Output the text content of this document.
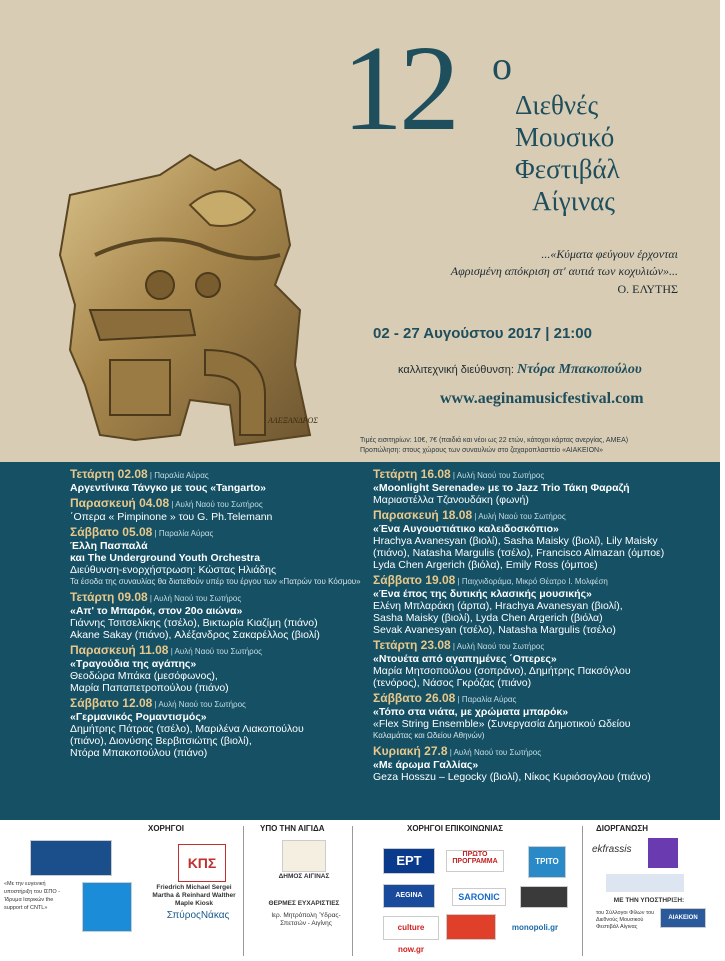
ΑΛΕΞΑΝΔΡΟΣ
12 o
Διεθνές
Μουσικό
Φεστιβάλ
Αίγινας
...«Κύματα φεύγουν έρχονται
Αφρισμένη απόκριση στ' αυτιά των κοχυλιών»...
Ο. ΕΛΥΤΗΣ
02 - 27 Αυγούστου 2017 | 21:00
καλλιτεχνική διεύθυνση: Ντόρα Μπακοπούλου
www.aeginamusicfestival.com
Τιμές εισιτηρίων: 10€, 7€ (παιδιά και νέοι ως 22 ετών, κάτοχοι κάρτας ανεργίας, ΑΜΕΑ)
Προπώληση: στους χώρους των συναυλιών στο ζαχαροπλαστείο «ΑΙΑΚΕΙΟΝ»
Τετάρτη 02.08 | Παραλία Αύρας
Αργεντίνικα Τάνγκο με τους «Tangarto»
Παρασκευή 04.08 | Αυλή Ναού του Σωτήρος
΄Οπερα « Pimpinone » του G. Ph.Telemann
Σάββατο 05.08 | Παραλία Αύρας
Έλλη Πασπαλά
και The Underground Youth Orchestra
Διεύθυνση-ενορχήστρωση: Κώστας Ηλιάδης
Τα έσοδα της συναυλίας θα διατεθούν υπέρ του έργου των «Πατρών του Κόσμου»
Τετάρτη 09.08 | Αυλή Ναού του Σωτήρος
«Απ' το Μπαρόκ, στον 20ο αιώνα»
Γιάννης Τσιτσελίκης (τσέλο), Βικτωρία Κιαζίμη (πιάνο)
Akane Sakay (πιάνο), Αλέξανδρος Σακαρέλλος (βιολί)
Παρασκευή 11.08 | Αυλή Ναού του Σωτήρος
«Τραγούδια της αγάπης»
Θεοδώρα Μπάκα (μεσόφωνος),
Μαρία Παπαπετροπούλου (πιάνο)
Σάββατο 12.08 | Αυλή Ναού του Σωτήρος
«Γερμανικός Ρομαντισμός»
Δημήτρης Πάτρας (τσέλο), Μαριλένα Λιακοπούλου
(πιάνο), Διονύσης Βερβιτσιώτης (βιολί),
Ντόρα Μπακοπούλου (πιάνο)
Τετάρτη 16.08 | Αυλή Ναού του Σωτήρος
«Moonlight Serenade» με το Jazz Trio Τάκη Φαραζή
Μαριαστέλλα Τζανουδάκη (φωνή)
Παρασκευή 18.08 | Αυλή Ναού του Σωτήρος
«Ένα Αυγουστιάτικο καλειδοσκόπιο»
Hrachya Avanesyan (βιολί), Sasha Maisky (βιολί), Lily Maisky
(πιάνο), Natasha Margulis (τσέλο), Francisco Almazan (όμποε)
Lyda Chen Argerich (βιόλα), Emily Ross (όμποε)
Σάββατο 19.08 | Παιχνιδοράμα, Μικρό Θέατρο Ι. Μολφέση
«Ένα έπος της δυτικής κλασικής μουσικής»
Ελένη Μπλαράκη (άρπα), Hrachya Avanesyan (βιολί),
Sasha Maisky (βιολί), Lyda Chen Argerich (βιόλα)
Sevak Avanesyan (τσέλο), Natasha Margulis (τσέλο)
Τετάρτη 23.08 | Αυλή Ναού του Σωτήρος
«Ντουέτα από αγαπημένες ΄Οπερες»
Μαρία Μητσοπούλου (σοπράνο), Δημήτρης Πακσόγλου
(τενόρος), Νάσος Γκρόζας (πιάνο)
Σάββατο 26.08 | Παραλία Αύρας
«Τόπο στα νιάτα, με χρώματα μπαρόκ»
«Flex String Ensemble» (Συνεργασία Δημοτικού Ωδείου
Καλαμάτας και Ωδείου Αθηνών)
Κυριακή 27.8 | Αυλή Ναού του Σωτήρος
«Με άρωμα Γαλλίας»
Geza Hosszu – Legocky (βιολί), Νίκος Κυριόσογλου (πιάνο)
ΧΟΡΗΓΟΙ	ΥΠΟ ΤΗΝ ΑΙΓΙΔΑ	ΧΟΡΗΓΟΙ ΕΠΙΚΟΙΝΩΝΙΑΣ	ΔΙΟΡΓΑΝΩΣΗ
«Με την ευγενική υποστήριξη του ΙΣΠΟ - Ίδρυμα Ιατρικών the support of CNTL»
ΚΠΣ
Friedrich Michael Sergei Martha & Reinhard Walther Maple Kiosk
ΣπύροςΝάκας
ΔΗΜΟΣ ΑΙΓΙΝΑΣ
ΘΕΡΜΕΣ ΕΥΧΑΡΙΣΤΙΕΣ
Ιερ. Μητρόπολη Ύδρας-Σπετσών - Αιγίνης
ΕΡΤ	ΠΡΩΤΟ ΠΡΟΓΡΑΜΜΑ	ΤΡΙΤΟ
AEGINA	SARONIC
culture now.gr
monopoli.gr
ekfrassis
ΜΕ ΤΗΝ ΥΠΟΣΤΗΡΙΞΗ:
του Σύλλογοι Φίλων του Διεθνούς Μουσικού Φεστιβάλ Αίγινας
ΑΙΑΚΕΙΟΝ
